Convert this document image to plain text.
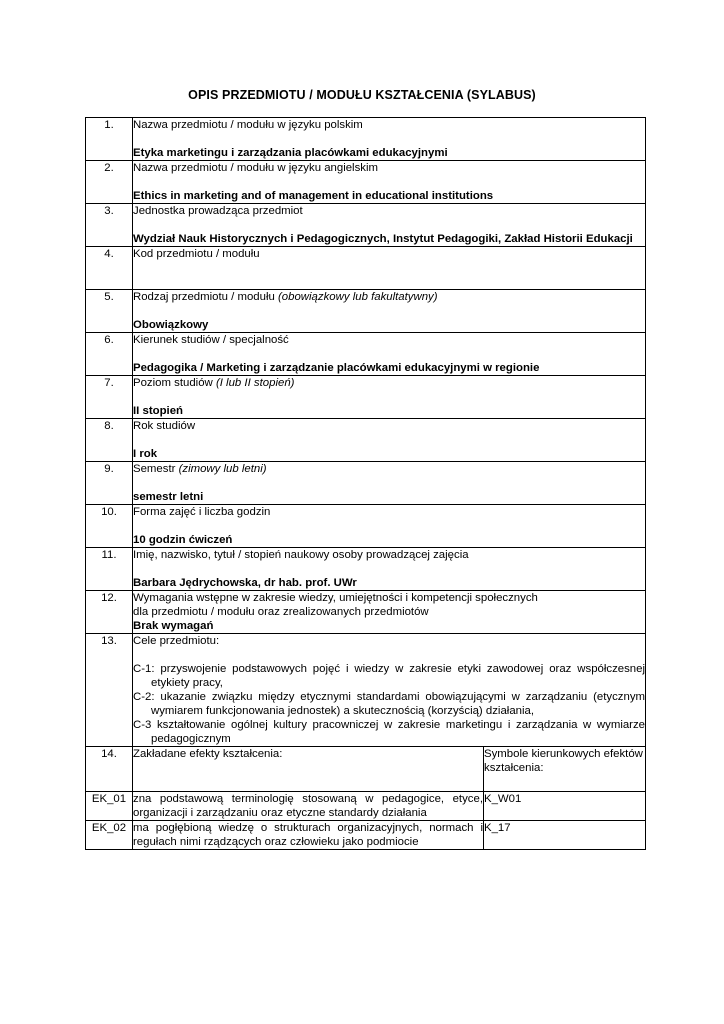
OPIS PRZEDMIOTU / MODUŁU KSZTAŁCENIA (SYLABUS)
1.	Nazwa przedmiotu / modułu w języku polskim
Etyka marketingu i zarządzania placówkami edukacyjnymi	

2.	Nazwa przedmiotu / modułu w języku angielskim
Ethics in marketing and of management in educational institutions	

3.	Jednostka prowadząca przedmiot
Wydział Nauk Historycznych i Pedagogicznych, Instytut Pedagogiki, Zakład Historii Edukacji	

4.	Kod przedmiotu / modułu	

5.	Rodzaj przedmiotu / modułu (obowiązkowy lub fakultatywny)
Obowiązkowy	

6.	Kierunek studiów / specjalność
Pedagogika / Marketing i zarządzanie placówkami edukacyjnymi w regionie	

7.	Poziom studiów (I lub II stopień)
II stopień	

8.	Rok studiów
I rok	

9.	Semestr (zimowy lub letni)
semestr letni	

10.	Forma zajęć i liczba godzin
10 godzin ćwiczeń	

11.	Imię, nazwisko, tytuł / stopień naukowy osoby prowadzącej zajęcia
Barbara Jędrychowska, dr hab. prof. UWr	

12.	Wymagania wstępne w zakresie wiedzy, umiejętności i kompetencji społecznych
dla przedmiotu / modułu oraz zrealizowanych przedmiotów
Brak wymagań	

13.	Cele przedmiotu:
C-1: przyswojenie podstawowych pojęć i wiedzy w zakresie etyki zawodowej oraz współczesnej etykiety pracy,
C-2: ukazanie związku między etycznymi standardami obowiązującymi w zarządzaniu (etycznym wymiarem funkcjonowania jednostek) a skutecznością (korzyścią) działania,
C-3 kształtowanie ogólnej kultury pracowniczej w zakresie marketingu i zarządzania w wymiarze pedagogicznym	

14.	Zakładane efekty kształcenia:	Symbole kierunkowych efektów kształcenia:
EK_01	zna podstawową terminologię stosowaną w pedagogice, etyce, organizacji i zarządzaniu oraz etyczne standardy działania	K_W01
EK_02	ma pogłębioną wiedzę o strukturach organizacyjnych, normach i regułach nimi rządzących oraz człowieku jako podmiocie	K_17
